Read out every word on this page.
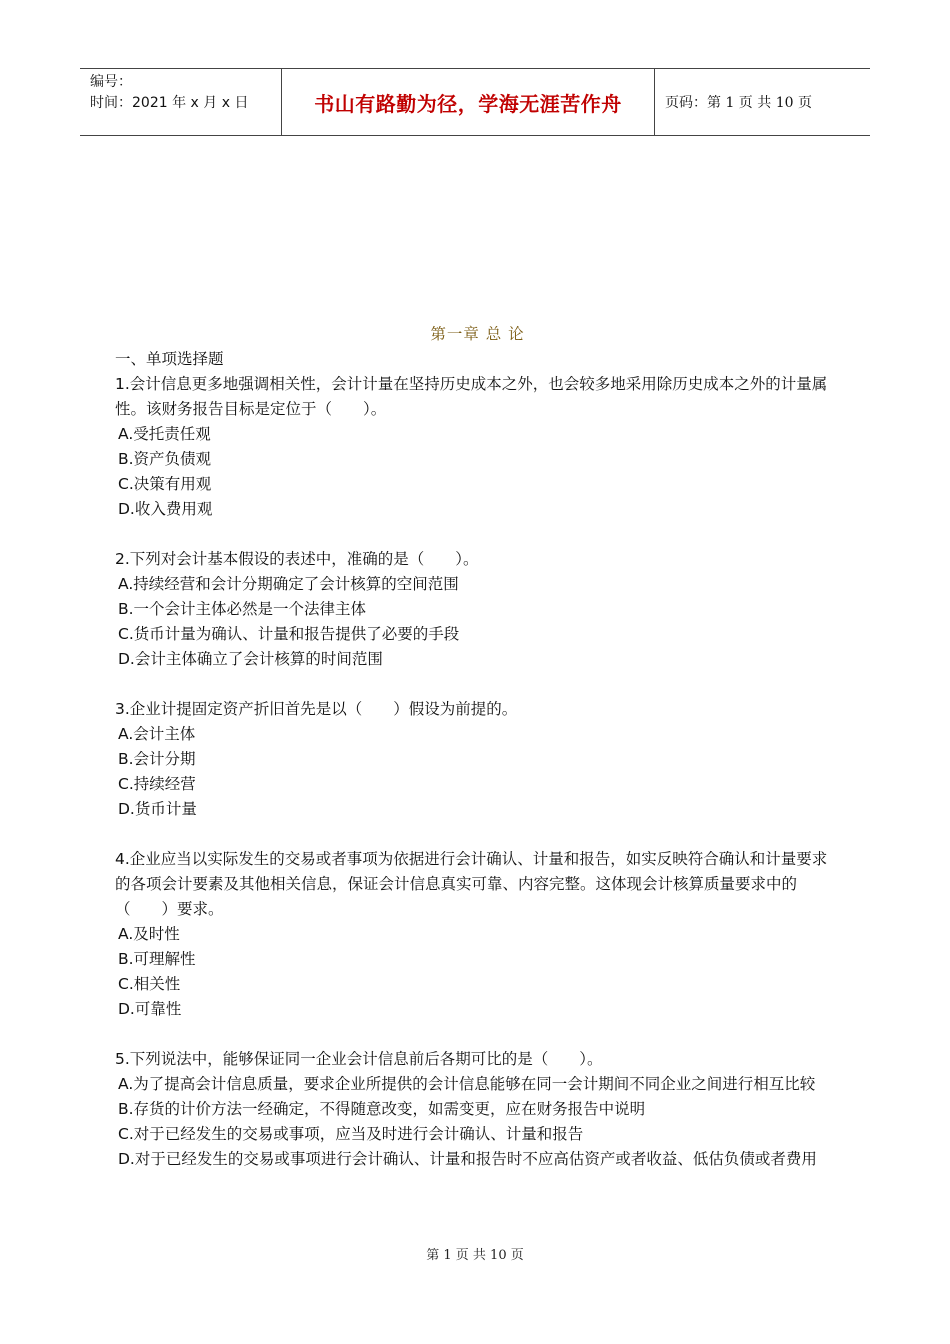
编号：
时间：2021 年 x 月 x 日	书山有路勤为径，学海无涯苦作舟	页码：第 1 页 共 10 页
第一章 总 论
一、单项选择题
1.会计信息更多地强调相关性，会计计量在坚持历史成本之外，也会较多地采用除历史成本之外的计量属性。该财务报告目标是定位于（　　）。
A.受托责任观
B.资产负债观
C.决策有用观
D.收入费用观
2.下列对会计基本假设的表述中，准确的是（　　）。
A.持续经营和会计分期确定了会计核算的空间范围
B.一个会计主体必然是一个法律主体
C.货币计量为确认、计量和报告提供了必要的手段
D.会计主体确立了会计核算的时间范围
3.企业计提固定资产折旧首先是以（　　）假设为前提的。
A.会计主体
B.会计分期
C.持续经营
D.货币计量
4.企业应当以实际发生的交易或者事项为依据进行会计确认、计量和报告，如实反映符合确认和计量要求的各项会计要素及其他相关信息，保证会计信息真实可靠、内容完整。这体现会计核算质量要求中的（　　）要求。
A.及时性
B.可理解性
C.相关性
D.可靠性
5.下列说法中，能够保证同一企业会计信息前后各期可比的是（　　）。
A.为了提高会计信息质量，要求企业所提供的会计信息能够在同一会计期间不同企业之间进行相互比较
B.存货的计价方法一经确定，不得随意改变，如需变更，应在财务报告中说明
C.对于已经发生的交易或事项，应当及时进行会计确认、计量和报告
D.对于已经发生的交易或事项进行会计确认、计量和报告时不应高估资产或者收益、低估负债或者费用
第 1 页 共 10 页
